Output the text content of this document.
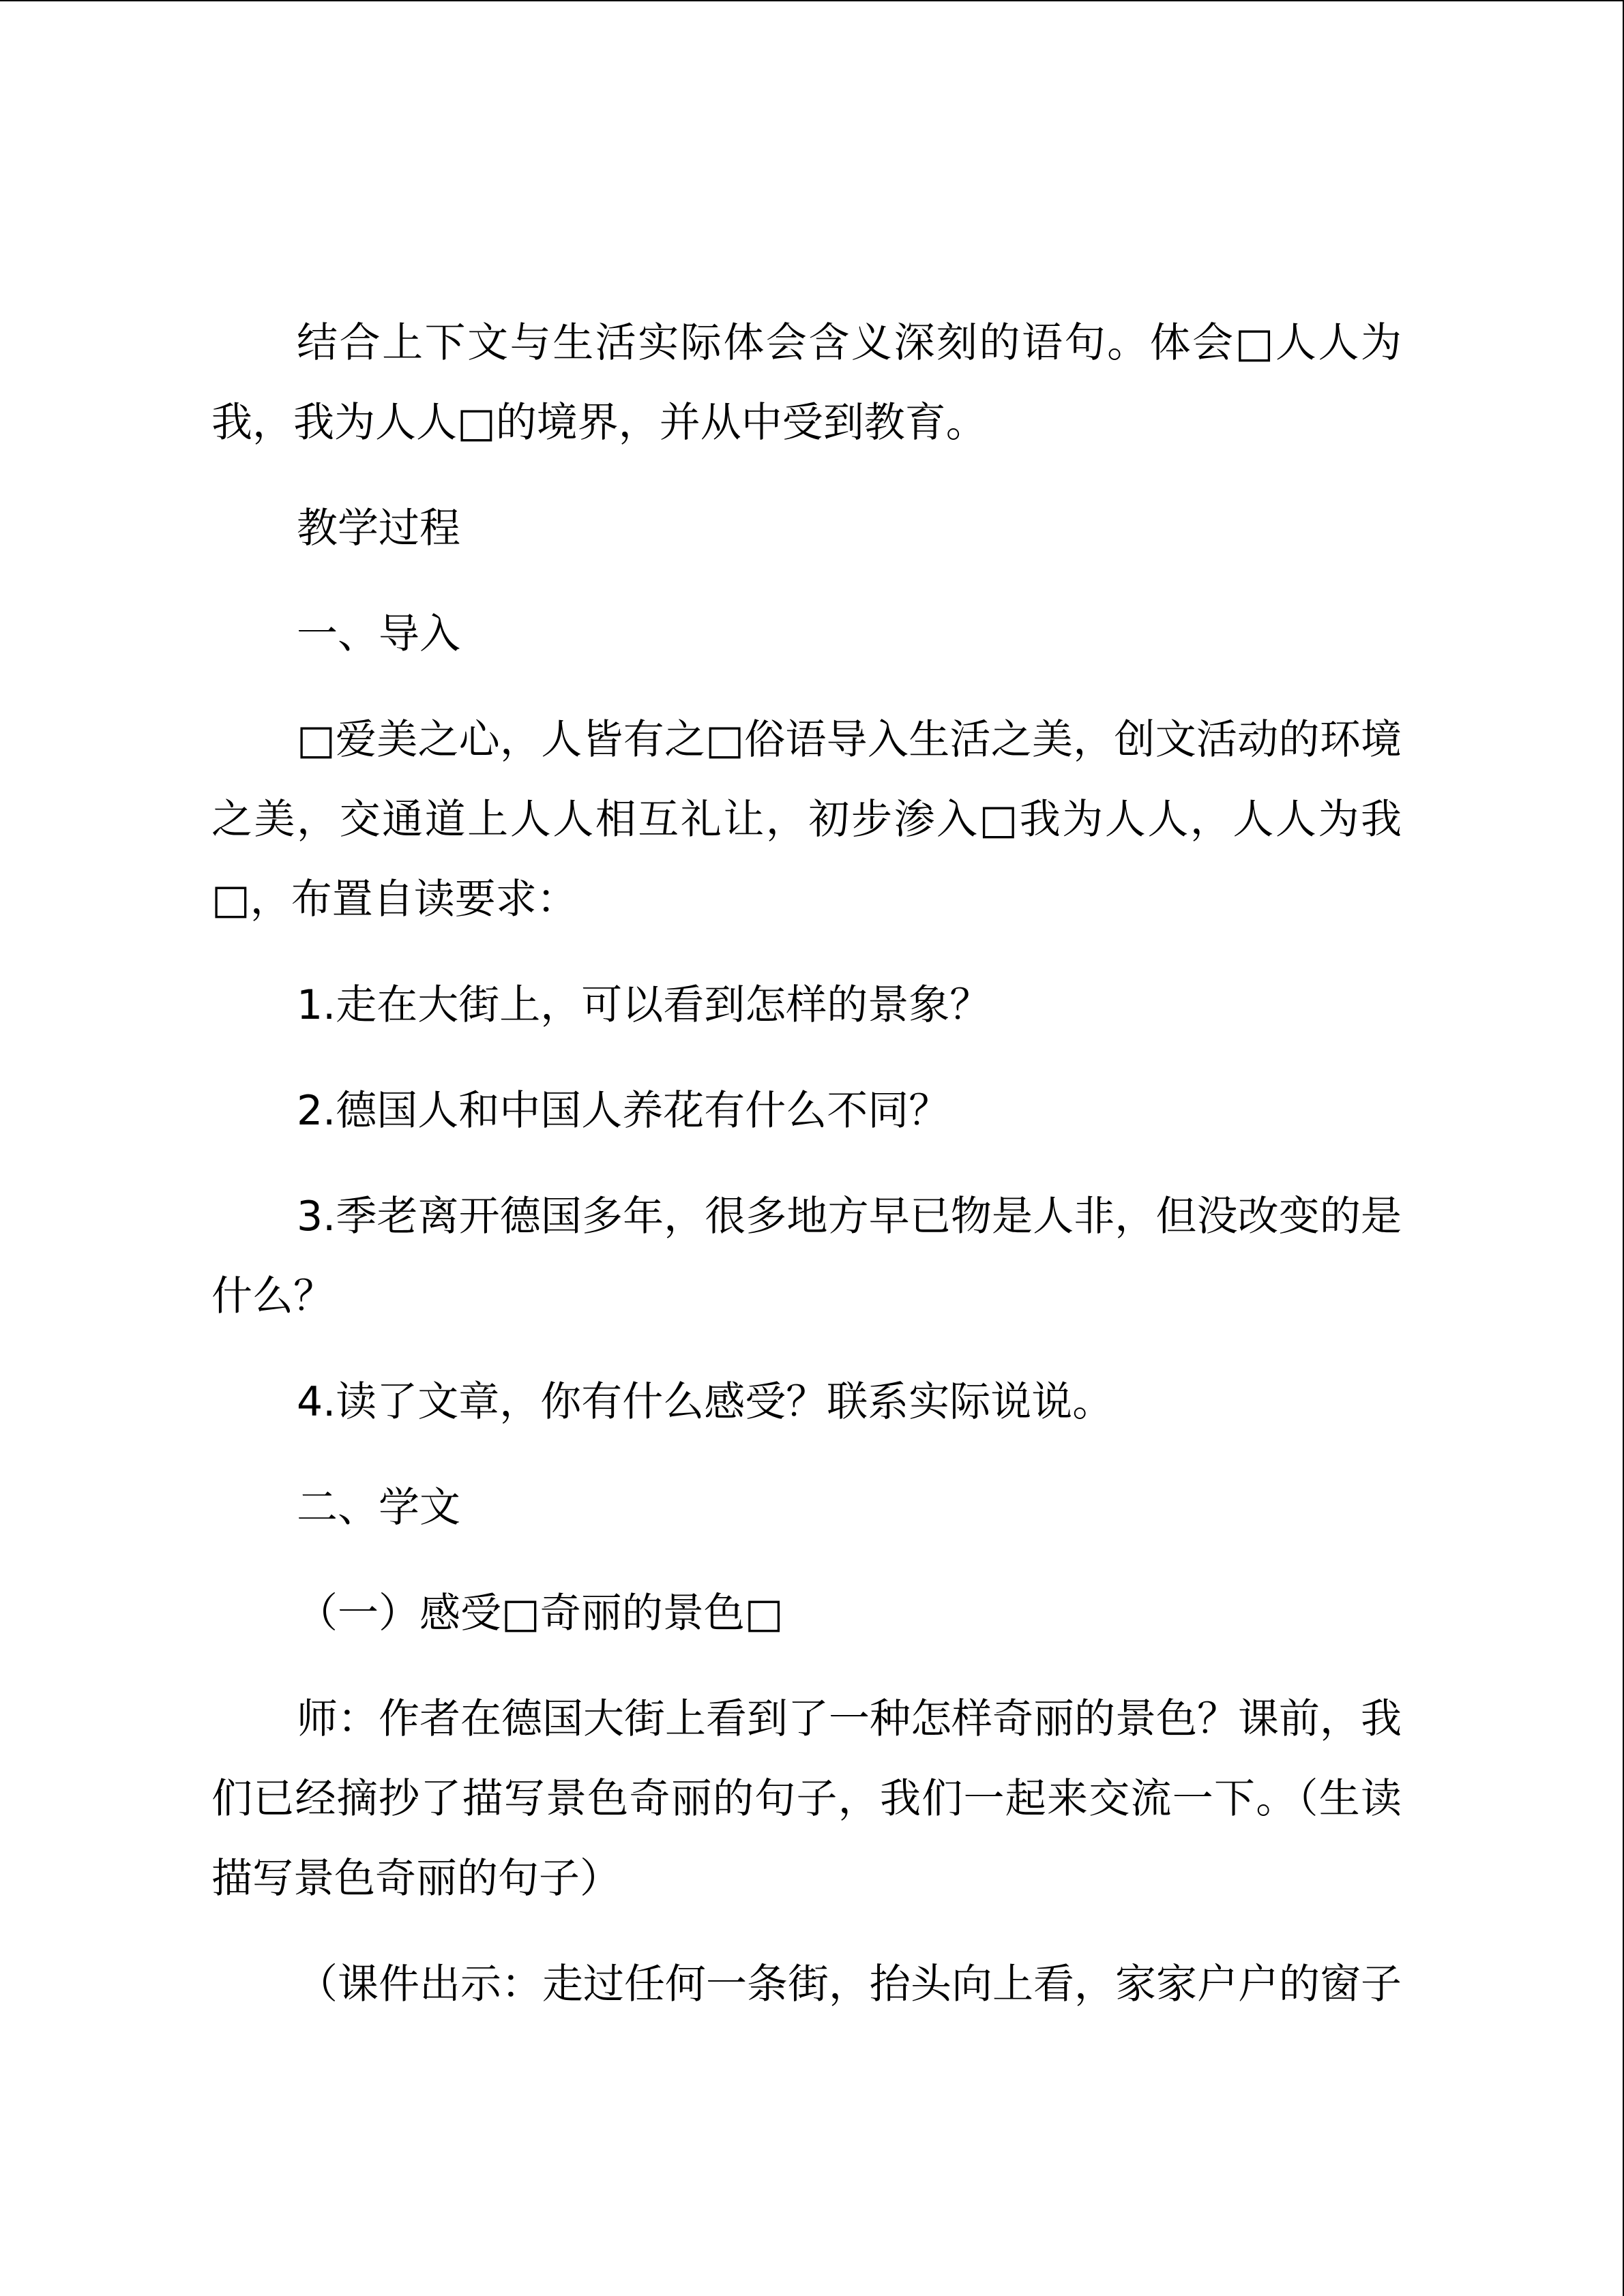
结合上下文与生活实际体会含义深刻的语句。体会□人人为我，我为人人□的境界，并从中受到教育。

教学过程

一、导入

□爱美之心，人皆有之□俗语导入生活之美，创文活动的环境之美，交通道上人人相互礼让，初步渗入□我为人人，人人为我□，布置自读要求：

1.走在大街上，可以看到怎样的景象？

2.德国人和中国人养花有什么不同？

3.季老离开德国多年，很多地方早已物是人非，但没改变的是什么？

4.读了文章，你有什么感受？联系实际说说。

二、学文

（一）感受□奇丽的景色□

师：作者在德国大街上看到了一种怎样奇丽的景色？课前，我们已经摘抄了描写景色奇丽的句子，我们一起来交流一下。（生读描写景色奇丽的句子）

（课件出示：走过任何一条街，抬头向上看，家家户户的窗子
